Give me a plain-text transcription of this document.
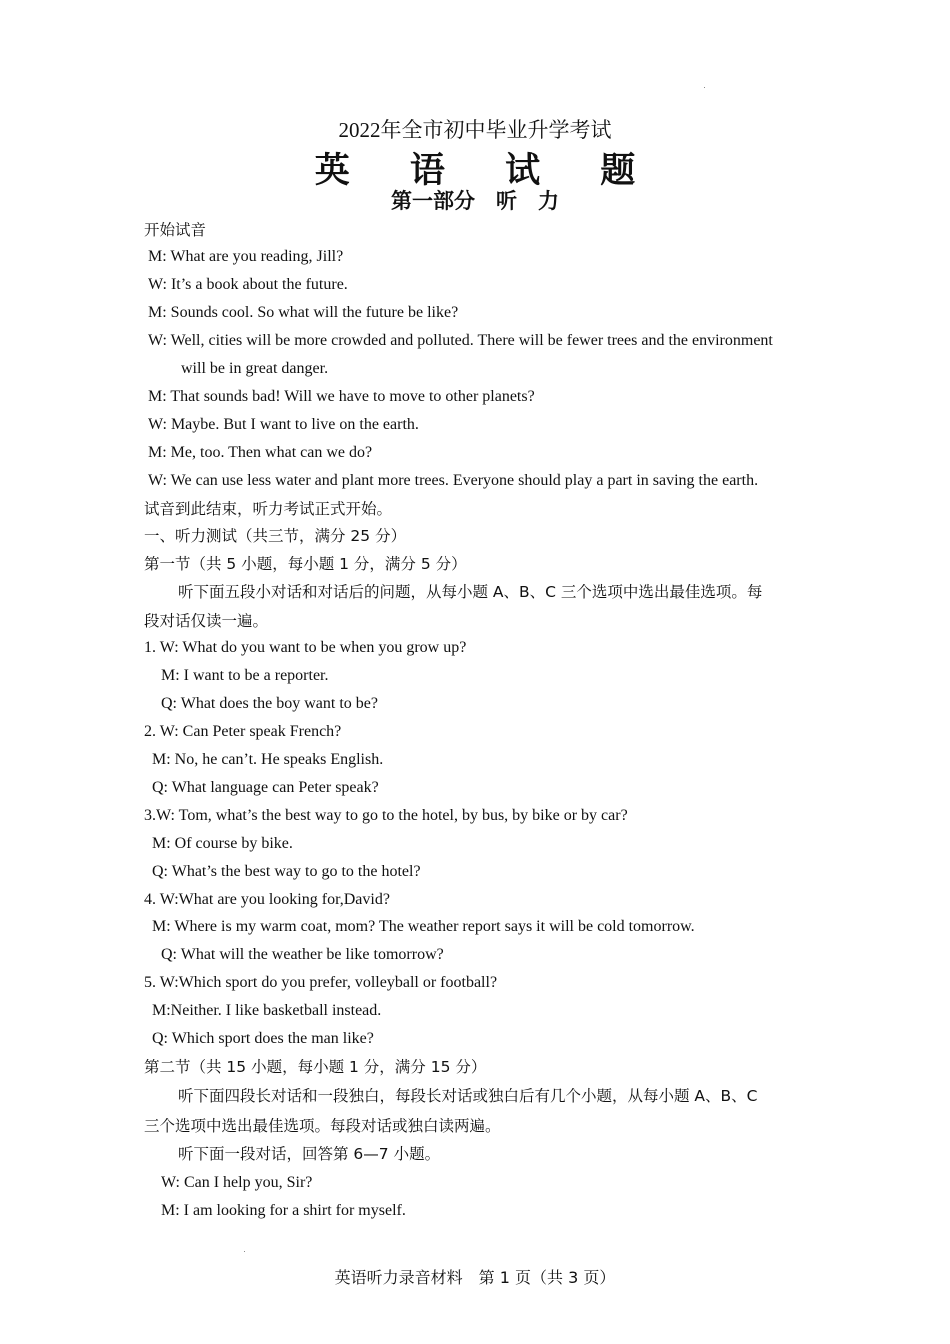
2022年全市初中毕业升学考试
英 语 试 题
第一部分　听　力
开始试音
M: What are you reading, Jill?
W: It’s a book about the future.
M: Sounds cool. So what will the future be like?
W: Well, cities will be more crowded and polluted. There will be fewer trees and the environment
will be in great danger.
M: That sounds bad! Will we have to move to other planets?
W: Maybe. But I want to live on the earth.
M: Me, too. Then what can we do?
W: We can use less water and plant more trees. Everyone should play a part in saving the earth.
试音到此结束，听力考试正式开始。
一、听力测试（共三节，满分 25 分）
第一节（共 5 小题，每小题 1 分，满分 5 分）
听下面五段小对话和对话后的问题，从每小题 A、B、C 三个选项中选出最佳选项。每
段对话仅读一遍。
1. W: What do you want to be when you grow up?
M: I want to be a reporter.
Q: What does the boy want to be?
2. W: Can Peter speak French?
M: No, he can’t. He speaks English.
Q: What language can Peter speak?
3.W: Tom, what’s the best way to go to the hotel, by bus, by bike or by car?
M: Of course by bike.
Q: What’s the best way to go to the hotel?
4. W:What are you looking for,David?
M: Where is my warm coat, mom? The weather report says it will be cold tomorrow.
Q: What will the weather be like tomorrow?
5. W:Which sport do you prefer, volleyball or football?
M:Neither. I like basketball instead.
Q: Which sport does the man like?
第二节（共 15 小题，每小题 1 分，满分 15 分）
听下面四段长对话和一段独白，每段长对话或独白后有几个小题，从每小题 A、B、C
三个选项中选出最佳选项。每段对话或独白读两遍。
听下面一段对话，回答第 6—7 小题。
W: Can I help you, Sir?
M: I am looking for a shirt for myself.
英语听力录音材料　第 1 页（共 3 页）
